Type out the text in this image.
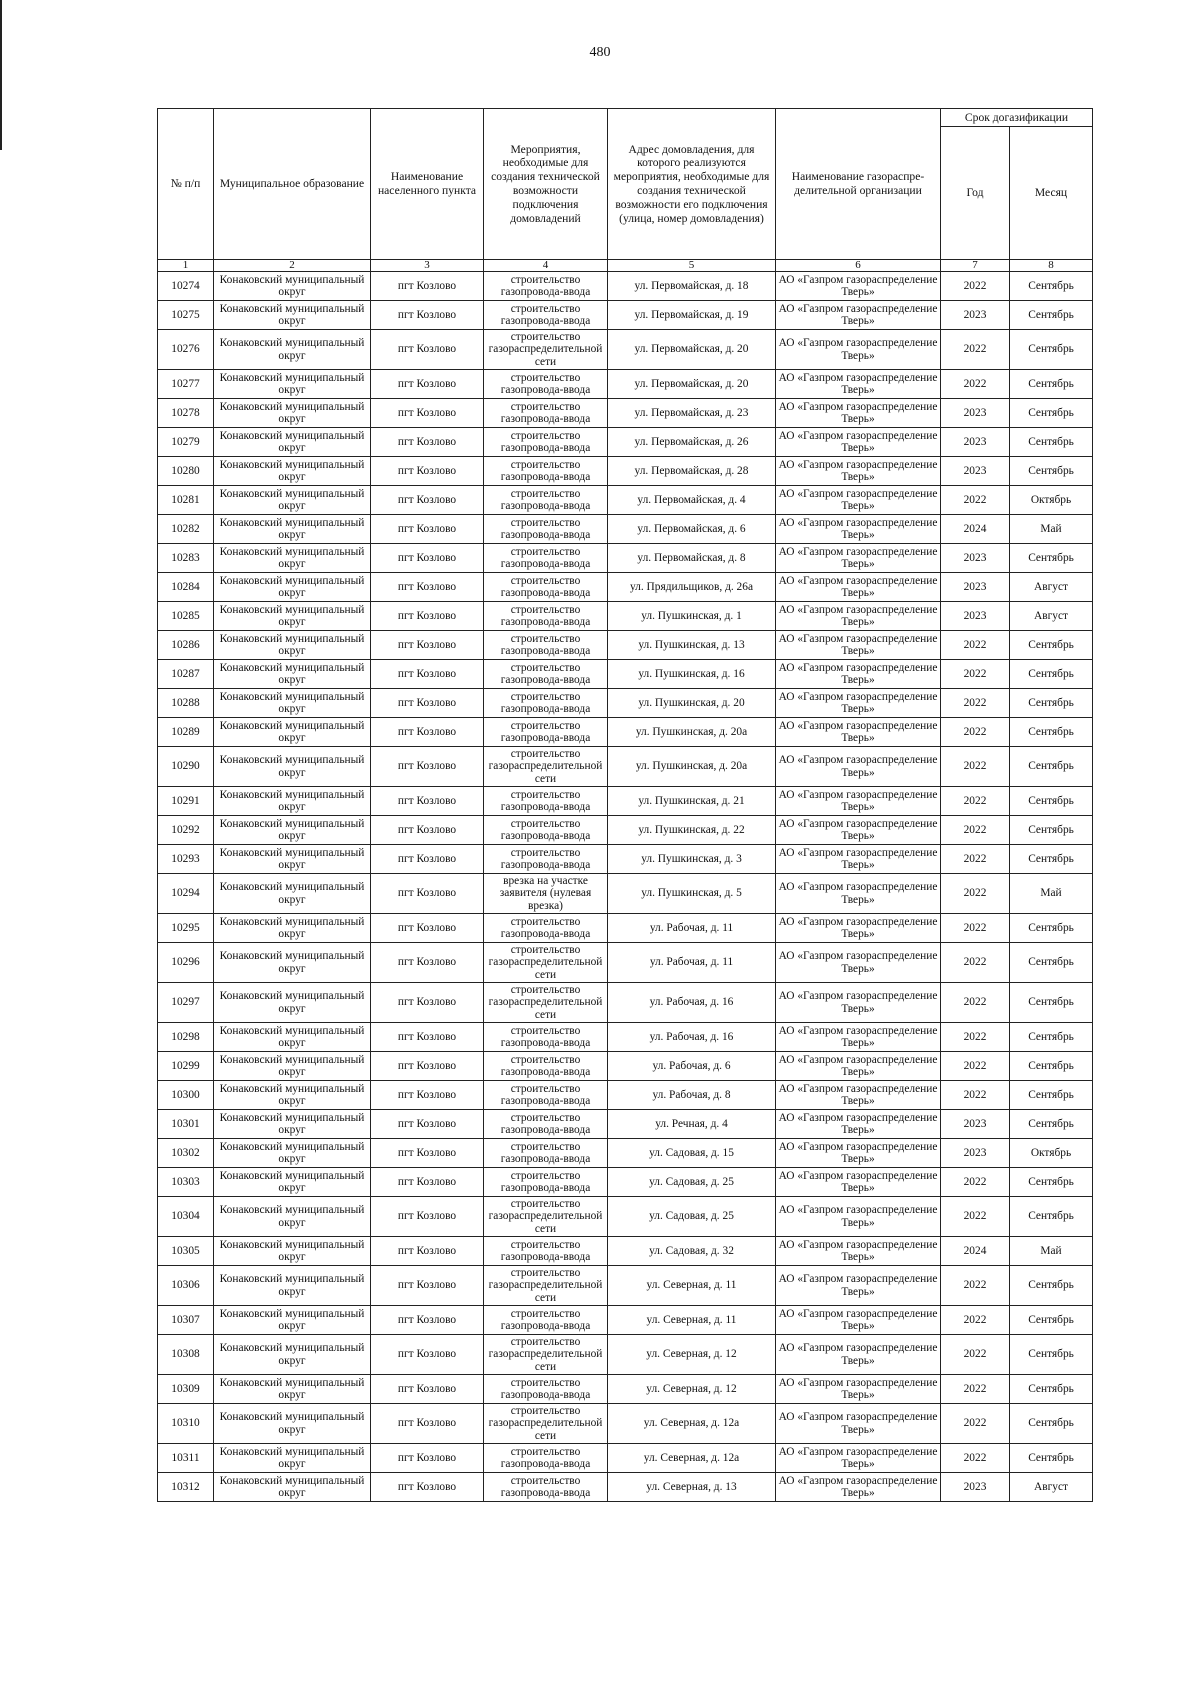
480
№ п/п	Муниципальное образование	Наименование населенного пункта	Мероприятия, необходимые для создания технической возможности подключения домовладений	Адрес домовладения, для которого реализуются мероприятия, необходимые для создания технической возможности его подключения (улица, номер домовладения)	Наименование газораспре-делительной организации	Срок догазификации	
						Год	Месяц
1	2	3	4	5	6	7	8
10274	Конаковский муниципальный округ	пгт Козлово	строительство газопровода-ввода	ул. Первомайская, д. 18	АО «Газпром газораспределение Тверь»	2022	Сентябрь
10275	Конаковский муниципальный округ	пгт Козлово	строительство газопровода-ввода	ул. Первомайская, д. 19	АО «Газпром газораспределение Тверь»	2023	Сентябрь
10276	Конаковский муниципальный округ	пгт Козлово	строительство газораспределительной сети	ул. Первомайская, д. 20	АО «Газпром газораспределение Тверь»	2022	Сентябрь
10277	Конаковский муниципальный округ	пгт Козлово	строительство газопровода-ввода	ул. Первомайская, д. 20	АО «Газпром газораспределение Тверь»	2022	Сентябрь
10278	Конаковский муниципальный округ	пгт Козлово	строительство газопровода-ввода	ул. Первомайская, д. 23	АО «Газпром газораспределение Тверь»	2023	Сентябрь
10279	Конаковский муниципальный округ	пгт Козлово	строительство газопровода-ввода	ул. Первомайская, д. 26	АО «Газпром газораспределение Тверь»	2023	Сентябрь
10280	Конаковский муниципальный округ	пгт Козлово	строительство газопровода-ввода	ул. Первомайская, д. 28	АО «Газпром газораспределение Тверь»	2023	Сентябрь
10281	Конаковский муниципальный округ	пгт Козлово	строительство газопровода-ввода	ул. Первомайская, д. 4	АО «Газпром газораспределение Тверь»	2022	Октябрь
10282	Конаковский муниципальный округ	пгт Козлово	строительство газопровода-ввода	ул. Первомайская, д. 6	АО «Газпром газораспределение Тверь»	2024	Май
10283	Конаковский муниципальный округ	пгт Козлово	строительство газопровода-ввода	ул. Первомайская, д. 8	АО «Газпром газораспределение Тверь»	2023	Сентябрь
10284	Конаковский муниципальный округ	пгт Козлово	строительство газопровода-ввода	ул. Прядильщиков, д. 26а	АО «Газпром газораспределение Тверь»	2023	Август
10285	Конаковский муниципальный округ	пгт Козлово	строительство газопровода-ввода	ул. Пушкинская, д. 1	АО «Газпром газораспределение Тверь»	2023	Август
10286	Конаковский муниципальный округ	пгт Козлово	строительство газопровода-ввода	ул. Пушкинская, д. 13	АО «Газпром газораспределение Тверь»	2022	Сентябрь
10287	Конаковский муниципальный округ	пгт Козлово	строительство газопровода-ввода	ул. Пушкинская, д. 16	АО «Газпром газораспределение Тверь»	2022	Сентябрь
10288	Конаковский муниципальный округ	пгт Козлово	строительство газопровода-ввода	ул. Пушкинская, д. 20	АО «Газпром газораспределение Тверь»	2022	Сентябрь
10289	Конаковский муниципальный округ	пгт Козлово	строительство газопровода-ввода	ул. Пушкинская, д. 20а	АО «Газпром газораспределение Тверь»	2022	Сентябрь
10290	Конаковский муниципальный округ	пгт Козлово	строительство газораспределительной сети	ул. Пушкинская, д. 20а	АО «Газпром газораспределение Тверь»	2022	Сентябрь
10291	Конаковский муниципальный округ	пгт Козлово	строительство газопровода-ввода	ул. Пушкинская, д. 21	АО «Газпром газораспределение Тверь»	2022	Сентябрь
10292	Конаковский муниципальный округ	пгт Козлово	строительство газопровода-ввода	ул. Пушкинская, д. 22	АО «Газпром газораспределение Тверь»	2022	Сентябрь
10293	Конаковский муниципальный округ	пгт Козлово	строительство газопровода-ввода	ул. Пушкинская, д. 3	АО «Газпром газораспределение Тверь»	2022	Сентябрь
10294	Конаковский муниципальный округ	пгт Козлово	врезка на участке заявителя (нулевая врезка)	ул. Пушкинская, д. 5	АО «Газпром газораспределение Тверь»	2022	Май
10295	Конаковский муниципальный округ	пгт Козлово	строительство газопровода-ввода	ул. Рабочая, д. 11	АО «Газпром газораспределение Тверь»	2022	Сентябрь
10296	Конаковский муниципальный округ	пгт Козлово	строительство газораспределительной сети	ул. Рабочая, д. 11	АО «Газпром газораспределение Тверь»	2022	Сентябрь
10297	Конаковский муниципальный округ	пгт Козлово	строительство газораспределительной сети	ул. Рабочая, д. 16	АО «Газпром газораспределение Тверь»	2022	Сентябрь
10298	Конаковский муниципальный округ	пгт Козлово	строительство газопровода-ввода	ул. Рабочая, д. 16	АО «Газпром газораспределение Тверь»	2022	Сентябрь
10299	Конаковский муниципальный округ	пгт Козлово	строительство газопровода-ввода	ул. Рабочая, д. 6	АО «Газпром газораспределение Тверь»	2022	Сентябрь
10300	Конаковский муниципальный округ	пгт Козлово	строительство газопровода-ввода	ул. Рабочая, д. 8	АО «Газпром газораспределение Тверь»	2022	Сентябрь
10301	Конаковский муниципальный округ	пгт Козлово	строительство газопровода-ввода	ул. Речная, д. 4	АО «Газпром газораспределение Тверь»	2023	Сентябрь
10302	Конаковский муниципальный округ	пгт Козлово	строительство газопровода-ввода	ул. Садовая, д. 15	АО «Газпром газораспределение Тверь»	2023	Октябрь
10303	Конаковский муниципальный округ	пгт Козлово	строительство газопровода-ввода	ул. Садовая, д. 25	АО «Газпром газораспределение Тверь»	2022	Сентябрь
10304	Конаковский муниципальный округ	пгт Козлово	строительство газораспределительной сети	ул. Садовая, д. 25	АО «Газпром газораспределение Тверь»	2022	Сентябрь
10305	Конаковский муниципальный округ	пгт Козлово	строительство газопровода-ввода	ул. Садовая, д. 32	АО «Газпром газораспределение Тверь»	2024	Май
10306	Конаковский муниципальный округ	пгт Козлово	строительство газораспределительной сети	ул. Северная, д. 11	АО «Газпром газораспределение Тверь»	2022	Сентябрь
10307	Конаковский муниципальный округ	пгт Козлово	строительство газопровода-ввода	ул. Северная, д. 11	АО «Газпром газораспределение Тверь»	2022	Сентябрь
10308	Конаковский муниципальный округ	пгт Козлово	строительство газораспределительной сети	ул. Северная, д. 12	АО «Газпром газораспределение Тверь»	2022	Сентябрь
10309	Конаковский муниципальный округ	пгт Козлово	строительство газопровода-ввода	ул. Северная, д. 12	АО «Газпром газораспределение Тверь»	2022	Сентябрь
10310	Конаковский муниципальный округ	пгт Козлово	строительство газораспределительной сети	ул. Северная, д. 12а	АО «Газпром газораспределение Тверь»	2022	Сентябрь
10311	Конаковский муниципальный округ	пгт Козлово	строительство газопровода-ввода	ул. Северная, д. 12а	АО «Газпром газораспределение Тверь»	2022	Сентябрь
10312	Конаковский муниципальный округ	пгт Козлово	строительство газопровода-ввода	ул. Северная, д. 13	АО «Газпром газораспределение Тверь»	2023	Август
